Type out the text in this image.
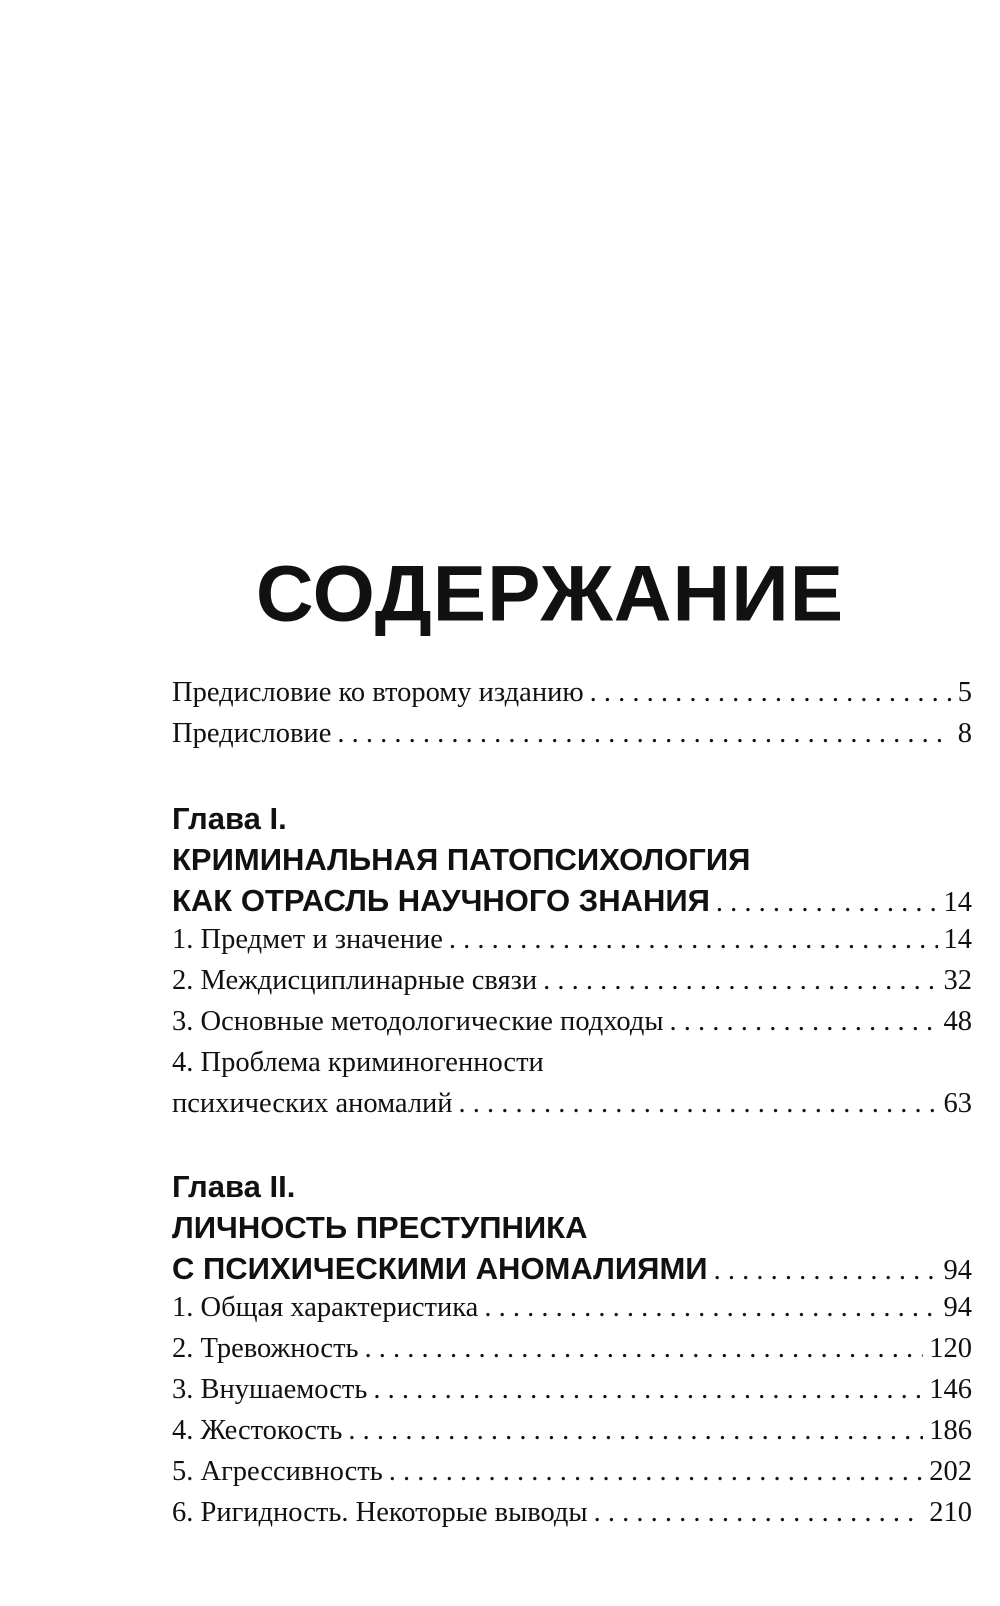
СОДЕРЖАНИЕ
Предисловие ко второму изданию . . .	5
Предисловие . . .	8
Глава I.
КРИМИНАЛЬНАЯ ПАТОПСИХОЛОГИЯ
КАК ОТРАСЛЬ НАУЧНОГО ЗНАНИЯ . . .	14
1. Предмет и значение . . .	14
2. Междисциплинарные связи . . .	32
3. Основные методологические подходы . . .	48
4. Проблема криминогенности
психических аномалий . . .	63
Глава II.
ЛИЧНОСТЬ ПРЕСТУПНИКА
С ПСИХИЧЕСКИМИ АНОМАЛИЯМИ . . .	94
1. Общая характеристика . . .	94
2. Тревожность . . .	120
3. Внушаемость . . .	146
4. Жестокость . . .	186
5. Агрессивность . . .	202
6. Ригидность. Некоторые выводы . . .	210
